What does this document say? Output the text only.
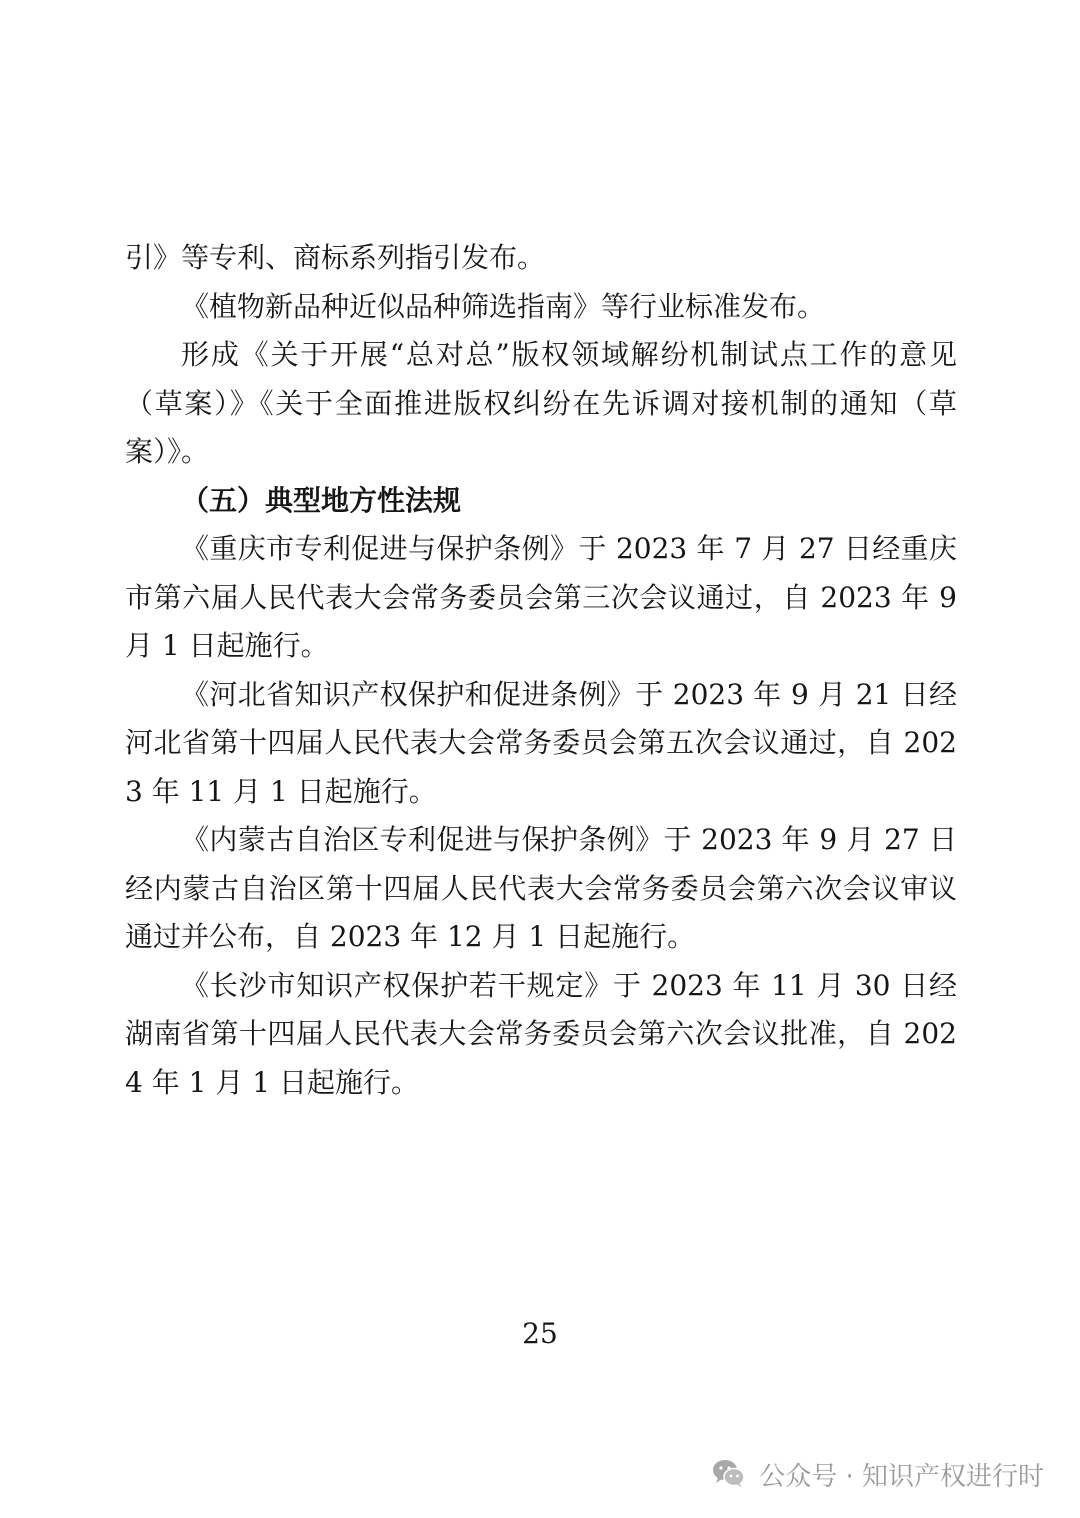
引》等专利、商标系列指引发布。

《植物新品种近似品种筛选指南》等行业标准发布。

形成《关于开展“总对总”版权领域解纷机制试点工作的意见（草案）》《关于全面推进版权纠纷在先诉调对接机制的通知（草案）》。

（五）典型地方性法规

《重庆市专利促进与保护条例》于 2023 年 7 月 27 日经重庆市第六届人民代表大会常务委员会第三次会议通过，自 2023 年 9 月 1 日起施行。

《河北省知识产权保护和促进条例》于 2023 年 9 月 21 日经河北省第十四届人民代表大会常务委员会第五次会议通过，自 2023 年 11 月 1 日起施行。

《内蒙古自治区专利促进与保护条例》于 2023 年 9 月 27 日经内蒙古自治区第十四届人民代表大会常务委员会第六次会议审议通过并公布，自 2023 年 12 月 1 日起施行。

《长沙市知识产权保护若干规定》于 2023 年 11 月 30 日经湖南省第十四届人民代表大会常务委员会第六次会议批准，自 2024 年 1 月 1 日起施行。

25
公众号 · 知识产权进行时
